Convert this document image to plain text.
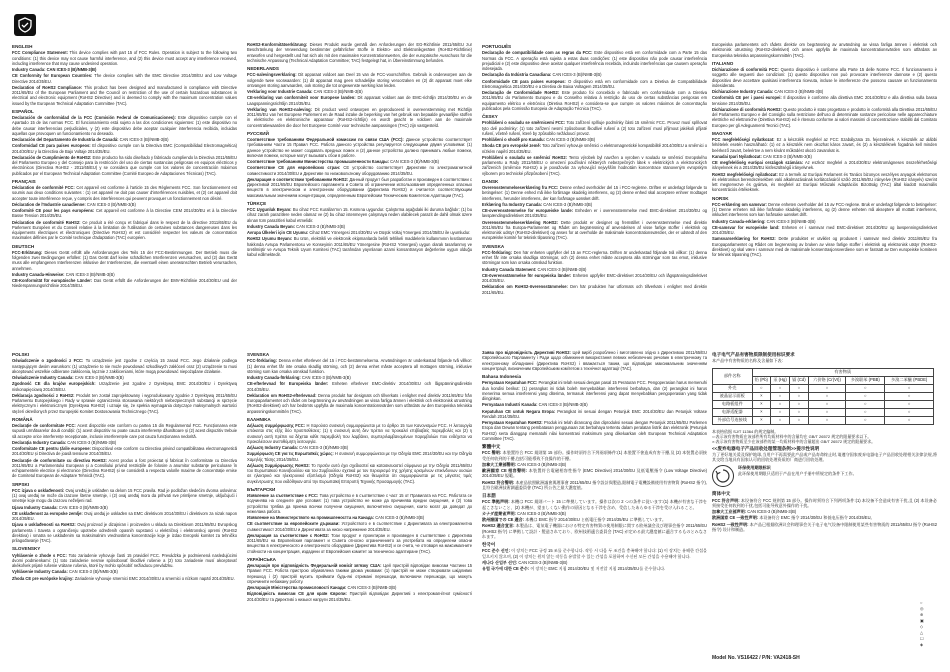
ENGLISH
FCC Compliance Statement: This device complies with part 15 of FCC Rules. Operation is subject to the following two conditions: (1) this device may not cause harmful interference, and (2) this device must accept any interference received, including interference that may cause undesired operation.
Industry Canada: CAN ICES-3 (B)/NMB-3(B)
CE Conformity for European Countries: The device complies with the EMC Directive 2014/30/EU and Low Voltage Directive 2014/35/EU.
Declaration of RoHS2 Compliance: This product has been designed and manufactured in compliance with Directive 2011/65/EU of the European Parliament and the Council on restriction of the use of certain hazardous substances in electrical and electronic equipment (RoHS2 Directive) and is deemed to comply with the maximum concentration values issued by the European Technical Adaptation Committee (TAC).
ESPAÑOL
Declaración de conformidad de la FCC (Comisión Federal de Comunicaciones): Este dispositivo cumple con el Apartado 15 de las normas FCC. El funcionamiento está sujeto a las dos condiciones siguientes: (1) este dispositivo no debe causar interferencias perjudiciales, y (2) este dispositivo debe aceptar cualquier interferencia recibida, incluidas aquellas que provoquen un funcionamiento no deseado.
Declaración del Departamento de Industria de Canadá: CAN ICES-3 (B)/NMB-3(B)
Conformidad CE para países europeos: El dispositivo cumple con la Directiva EMC (Compatibilidad Electromagnética) 2014/30/EU y la Directiva de Bajo Voltaje 2014/35/EU.
Declaración de Cumplimiento de RoHS2: Este producto ha sido diseñado y fabricado cumpliendo la Directiva 2011/65/EU del Parlamento Europeo y del Consejo para la restricción del uso de ciertas sustancias peligrosas en equipos eléctricos y electrónicos (Directiva RoHS2 - 2011/65/EU) y se considera que cumple con los valores de concentración máximos publicados por el European Technical Adaptation Committee (Comité Europeo de Adaptaciones Técnicas) (TAC).
FRANÇAIS
Déclaration de conformité FCC: Cet appareil est conforme à l'article 15 des Règlements FCC. Son fonctionnement est soumis aux deux conditions suivantes : (1) cet appareil ne doit pas causer d'interférences nuisibles, et (2) cet appareil doit accepter toute interférence reçue, y compris des interférences qui peuvent provoquer un fonctionnement non désiré.
Déclaration de l'Industrie canadienne: CAN ICES-3 (B)/NMB-3(B)
Conformité CE pour les pays européens: Cet appareil est conforme à la Directive CEM 2014/30/EU et à la Directive Basse Tension 2014/35/EU.
Déclaration de conformité RoHS2: Ce produit a été conçu et fabriqué dans le respect de la directive 2011/65/EU du Parlement Européen et du Conseil relative à la limitation de l'utilisation de certaines substances dangereuses dans les équipements électriques et électroniques (Directive RoHS2) et est considéré respecter les valeurs de concentration maximales définies par le Comité technique d'adaptation (TAC) européen.
DEUTSCH
FCC-Erklärung: Dieses Gerät erfüllt alle Anforderungen des Teils 15 der FCC-Bestimmungen. Der Betrieb muss die folgenden zwei Bedingungen erfüllen: (1) Das Gerät darf keine schädlichen Interferenzen verursachen, und (2) das Gerät muss alle empfangenen Interferenzen inklusive der Interferenzen, die eventuell einen unerwünschten Betrieb verursachen, annehmen.
Industry Canada-Hinweise: CAN ICES-3 (B)/NMB-3(B)
CE-Konformität für europäische Länder: Das Gerät erfüllt die Anforderungen der EMV-Richtlinie 2014/30/EU und der Niederspannungsrichtlinie 2014/35/EU.
RoHS2-Konformitätserklärung: Dieses Produkt wurde gemäß den Anforderungen der EG-Richtlinie 2011/65/EU zur Beschränkung der Verwendung bestimmter gefährlicher Stoffe in Elektro- und Elektronikgeräten (RoHS2-Richtlinie) entworfen und hergestellt und hat sich als mit den maximalen Konzentrationswerten, die der europäische Ausschuss für die technische Anpassung (Technical Adaptation Committee; TAC) festgelegt hat, in Übereinstimmung befunden.
NEDERLANDS
FCC-nalevingsverklaring: Dit apparaat voldoet aan Deel 15 van de FCC-voorschriften. Gebruik is onderworpen aan de volgende twee voorwaarden: (1) dit apparaat mag geen schadelijke storing veroorzaken en (2) dit apparaat moet elke ontvangen storing aanvaarden, ook storing die tot ongewenste werking kan leiden.
Verklaring voor Industrie Canada: CAN ICES-3 (B)/NMB-3(B)
CE-verklaring van conformiteit voor Europese landen: Dit apparaat voldoet aan de EMC-richtlijn 2014/30/EU en de Laagspanningsrichtlijn 2014/35/EU.
Verklaring van RoHS2-naleving: Dit product werd ontworpen en geproduceerd in overeenstemming met Richtlijn 2011/65/EU van het Europese Parlement en de Raad inzake de beperking van het gebruik van bepaalde gevaarlijke stoffen in elektrische en elektronische apparatuur (RoHS2-richtlijn) en wordt geacht te voldoen aan de maximale concentratiewaarden die door het Europese Comité voor technische aanpassingen (TAC) zijn vastgesteld.
РУССКИЙ
Соответствие требованиям Федеральной комиссии по связи США (FCC): Данное устройство соответствует требованиям Части 15 Правил FCC. Работа данного устройства регулируется следующими двумя условиями: (1) данное устройство не может создавать вредных помех и (2) данное устройство должно принимать любые помехи, включая помехи, которые могут вызывать сбои в работе.
Соответствие требованиям Министерства промышленности Канады: CAN ICES-3 (B)/NMB-3(B)
Соответствие CE для европейских стран: CE устройство соответствует Директиве по электромагнитной совместимости 2014/30/EU и Директиве по низковольтному оборудованию 2014/35/EU.
Декларация о соответствии требованиям RoHS2: Данный продукт был разработан и произведен в соответствии с Директивой 2011/65/EU Европейского парламента и Совета об ограничении использования определенных опасных веществ в электрическом и электронном оборудовании (Директива RoHS2) и считается соответствующим максимальным значениям концентрации, определенным Европейским Техническим Комитетом Адаптации (ТАС).
TÜRKÇE
FCC Uygunluk Beyanı: Bu cihaz FCC Kuralları'nın 15. Kısmına uygundur. Çalıştırma aşağıdaki iki duruma bağlıdır: (1) bu cihaz zararlı parazitlere neden olamaz ve (2) bu cihaz istenmeyen çalışmaya neden olabilecek parazit de dahil olmak üzere alınan tüm parazitleri kabul etmelidir.
Industry Canada Beyanı: CAN ICES-3 (B)/NMB-3(B)
Avrupa Ülkeleri için CE Uyumu: Cihaz EMC Yönergesi 2014/30/EU ve Düşük Voltaj Yönergesi 2014/35/EU ile uyumludur.
RoHS2 Uyumu Beyanı: Bu ürün, elektrikli ve elektronik ekipmanlarda belirli tehlikeli maddelerin kullanımının kısıtlanması hakkında Avrupa Parlamentosu ve Konseyinin 2011/65/EU Yönergesine (RoHS2 Yönergesi) uygun olarak tasarlanmış ve üretilmiştir ve Avrupa Teknik Uyum Komitesi (TAC) tarafından yayınlanan azami konsantrasyon değerlerine uygun olduğu kabul edilmektedir.
PORTUGUÊS
Declaração de compatibilidade com as regras da FCC: Este dispositivo está em conformidade com a Parte 15 das Normas da FCC. A operação está sujeita a estas duas condições: (1) este dispositivo não pode causar interferência prejudicial e (2) este dispositivo deve aceitar qualquer interferência recebida, incluindo interferências que causem operação indesejada.
Declaração da Indústria Canadiana: CAN ICES-3 (B)/NMB-3(B)
Conformidade CE para países europeus: O dispositivo está em conformidade com a Diretiva de Compatibilidade Eletromagnética 2014/30/EU e a Diretiva de Baixa Voltagem 2014/35/EU.
Declaração de Conformidade RoHS2: Este produto foi concebido e fabricado em conformidade com a Diretiva 2011/65/EU do Parlamento Europeu e do Conselho relativa à restrição do uso de certas substâncias perigosas em equipamento elétrico e eletrónico (Diretiva RoHS2) e considera-se que cumpre os valores máximos de concentração publicados pela Comissão Europeia de Adaptação Técnica (TAC).
ČESKY
Prohlášení o souladu se směrnicemi FCC: Toto zařízení splňuje podmínky části 15 směrnic FCC. Provoz musí splňovat tyto dvě podmínky: (1) toto zařízení nesmí způsobovat škodlivé rušení a (2) toto zařízení musí přijmout jakékoli přijaté rušení, včetně rušení, které by způsobilo nežádoucí provoz.
Prohlášení o shodě pro Kanadu: CAN ICES-3 (B)/NMB-3(B)
Shoda CE pro evropské země: Toto zařízení vyhovuje směrnici o elektromagnetické kompatibilitě 2014/30/EU a směrnici o nízkém napětí 2014/35/EU.
Prohlášení o souladu se směrnicí RoHS2: Tento výrobek byl navržen a vyroben v souladu se směrnicí Evropského parlamentu a Rady 2011/65/EU o omezení používání některých nebezpečných látek v elektrických a elektronických zařízeních (směrnice RoHS2) a je považován za vyhovující nejvyšším hodnotám koncentrace stanoveným evropským výborem pro technické přizpůsobení (TAC).
DANSK
Overensstemmelseserklæring fra FCC: Denne enhed overholder del 15 i FCC-reglerne. Driften er underlagt følgende to betingelser: (1) Denne enhed må ikke forårsage skadelig interferens, og (2) denne enhed skal acceptere enhver modtaget interferens, herunder interferens, der kan forårsage uønsket drift.
Erklæring fra Industry Canada: CAN ICES-3 (B)/NMB-3(B)
CE-overensstemmelse for europæiske lande: Enheden er i overensstemmelse med EMC-direktivet 2014/30/EU og lavspændingsdirektivet 2014/35/EU.
Overensstemmelseserklæring RoHS2: Dette produkt er designet og fremstillet i overensstemmelse med direktiv 2011/65/EU fra Europa-Parlamentet og Rådet om begrænsning af anvendelsen af visse farlige stoffer i elektrisk og elektronisk udstyr (RoHS2-direktivet) og anses for at overholde de maksimale koncentrationsværdier, der er udstedt af den europæiske komité for teknisk tilpasning (TAC).
SVENSKA
FCC-förklaring: Den här enheten uppfyller del 15 av FCC-reglerna. Driften är underkastad följande två villkor: (1) denna enhet får inte orsaka skadliga störningar, och (2) denna enhet måste acceptera alla störningar som tas emot, inklusive störningar som kan orsaka oönskad funktion.
Industry Canada Statement: CAN ICES-3 (B)/NMB-3(B)
CE-överensstämmelse för europeiska länder: Enheten uppfyller EMC-direktivet 2014/30/EU och lågspänningsdirektivet 2014/35/EU.
Deklaration om RoHS2-överensstämmelse: Den här produkten har utformats och tillverkats i enlighet med direktiv 2011/65/EU.
Europeiska parlamentets och rådets direktiv om begränsning av användning av vissa farliga ämnen i elektrisk och elektronisk utrustning (RoHS2-direktivet) och anses uppfylla de maximala koncentrationsvärden som utfärdats av Europeiska tekniska anpassningskommittén (TAC).
ITALIANO
Dichiarazione di conformità FCC: Questo dispositivo è conforme alla Parte 15 delle Norme FCC. Il funzionamento è soggetto alle seguenti due condizioni: (1) questo dispositivo non può provocare interferenze dannose e (2) questo dispositivo deve accettare qualsiasi interferenza ricevuta, incluse le interferenze che possono causare un funzionamento indesiderato.
Dichiarazione Industry Canada: CAN ICES-3 (B)/NMB-3(B)
Conformità CE per i paesi europei: Il dispositivo è conforme alla direttiva EMC 2014/30/EU e alla direttiva sulla bassa tensione 2014/35/EU.
Dichiarazione di conformità RoHS2: Questo prodotto è stato progettato e prodotto in conformità alla Direttiva 2011/65/EU del Parlamento Europeo e del Consiglio sulla restrizione dell'uso di determinate sostanze pericolose nelle apparecchiature elettriche ed elettroniche (Direttiva RoHS2) ed è ritenuto conforme ai valori massimi di concentrazione stabiliti dal Comitato Europeo per gli Adeguamenti Tecnici (TAC).
MAGYAR
FCC megfelelőségi nyilatkozat: Ez a készülék megfelel az FCC Szabályzata 15. fejezetének. A készülék az alábbi feltételek esetén használható: (1) ez a készülék nem okozhat káros zavart, és (2) a készüléknek fogadnia kell minden beérkező zavart, beleértve a nem kívánt működést okozó zavarokat is.
Kanadai Ipari Nyilatkozat: CAN ICES-3 (B)/NMB-3(B)
CE megfelelőség európai országok számára: Az eszköz megfelel a 2014/30/EU elektromágneses összeférhetőségi irányelvnek és a 2014/35/EU kisfeszültségű irányelvnek.
RoHS2 megfelelőségi nyilatkozat: Ez a termék az Európai Parlament és Tanács bizonyos veszélyes anyagok elektromos és elektronikus berendezésekben való alkalmazásának korlátozásáról szóló 2011/65/EU irányelve (RoHS2 irányelv) szerint lett megtervezve és gyártva, és megfelel az Európai Műszaki Adaptációs Bizottság (TAC) által kiadott maximális koncentrációs értékeknek.
NORSK
FCC-erklæring om samsvar: Denne enheten overholder del 15 av FCC-reglene. Bruk er underlagt følgende to betingelser: (1) Denne enheten må ikke forårsake skadelig interferens, og (2) denne enheten må akseptere all mottatt interferens, inkludert interferens som kan forårsake uønsket drift.
Industry Canada-erklæring: CAN ICES-3 (B)/NMB-3(B)
CE-samsvar for europeiske land: Enheten er i samsvar med EMC-direktivet 2014/30/EU og lavspenningsdirektivet 2014/35/EU.
Samsvarserklæring for RoHS2: Dette produktet er utviklet og produsert i samsvar med direktiv 2011/65/EU fra Europaparlamentet og Rådet om begrensning av bruken av visse farlige stoffer i elektrisk og elektronisk utstyr (RoHS2-direktivet) og skal være i samsvar med de maksimale konsentrasjonsverdiene som er fastsatt av Den europeiske komiteen for teknisk tilpasning (TAC).
POLSKI
Oświadczenie o zgodności z FCC: To urządzenie jest zgodne z częścią 15 zasad FCC. Jego działanie podlega następującym dwóm warunkom: (1) urządzenie to nie może powodować szkodliwych zakłóceń oraz (2) urządzenie to musi akceptować wszelkie odbierane zakłócenia, łącznie z zakłóceniami, które mogą powodować niepożądane działanie.
Oświadczenie Industry Canada: CAN ICES-3 (B)/NMB-3(B)
Zgodność CE dla krajów europejskich: Urządzenie jest zgodne z Dyrektywą EMC 2014/30/EU i Dyrektywą niskonapięciową 2014/35/EU.
Deklaracja zgodności z RoHS2: Produkt ten został zaprojektowany i wyprodukowany zgodnie z Dyrektywą 2011/65/EU Parlamentu Europejskiego i Rady w sprawie ograniczenia stosowania niektórych niebezpiecznych substancji w sprzęcie elektrycznym i elektronicznym (Dyrektywa RoHS2) i uznaje się, że spełnia wymagania dotyczące maksymalnych wartości stężeń określonych przez Europejski Komitet Dostosowania Technicznego (TAC).
ROMÂNĂ
Declarație de conformitate FCC: Acest dispozitiv este conform cu partea 15 din Regulamentul FCC. Funcționarea este supusă următoarelor două condiții: (1) acest dispozitiv nu poate cauza interferențe dăunătoare și (2) acest dispozitiv trebuie să accepte orice interferențe recepționate, inclusiv interferențele care pot cauza funcționarea nedorită.
Declarația Industry Canada: CAN ICES-3 (B)/NMB-3(B)
Conformitate CE pentru țările europene: Dispozitivul este conform cu Directiva privind compatibilitatea electromagnetică 2014/30/EU și Directiva de joasă tensiune 2014/35/EU.
Declarație de conformitate cu directiva RoHS2: Acest produs a fost proiectat și fabricat în conformitate cu Directiva 2011/65/EU a Parlamentului European și a Consiliului privind restricțiile de folosire a anumitor substanțe periculoase în echipamentele electrice și electronice (Directiva RoHS2) și se consideră a respecta valorile maxime de concentrație emise de Comitetul European de Adaptare Tehnică (TAC).
SRPSKI
FCC izjava o usklađenosti: Ovaj uređaj je usklađen sa delom 15 FCC pravila. Rad je podložan sledećim dvoma uslovima: (1) ovaj uređaj ne može da izazove štetne smetnje, i (2) ovaj uređaj mora da prihvati sve primljene smetnje, uključujući i smetnje koje mogu da izazovu neželjeni rad.
Izjava Industry Canada: CAN ICES-3 (B)/NMB-3(B)
CE usklađenost za evropske zemlje: Ovaj uređaj je usklađen sa EMC direktivom 2014/30/EU i direktivom za nizak napon 2014/35/EU.
Izjava o usklađenosti sa RoHS2: Ovaj proizvod je dizajniran i proizveden u skladu sa Direktivom 2011/65/EU Evropskog parlamenta i Saveta o ograničenju upotrebe određenih opasnih supstanci u električnoj i elektronskoj opremi (RoHS2 direktiva) i smatra se usklađenim sa maksimalnim vrednostima koncentracije koje je izdao Evropski komitet za tehničko prilagođavanje (TAC).
SLOVENSKY
Vyhlásenie o zhode s FCC: Toto zariadenie vyhovuje časti 15 pravidiel FCC. Prevádzka je podmienená nasledujúcimi dvomi podmienkami: (1) toto zariadenie nesmie spôsobovať škodlivé rušenie a (2) toto zariadenie musí akceptovať akékoľvek prijaté rušenie vrátane rušenia, ktoré by mohlo spôsobiť nežiaducu prevádzku.
Vyhlásenie Industry Canada: CAN ICES-3 (B)/NMB-3(B)
Zhoda CE pre európske krajiny: Zariadenie vyhovuje smernici EMC 2014/30/EU a smernici o nízkom napätí 2014/35/EU.
SVENSKA
FCC-förklaring: Denna enhet efterlever del 15 i FCC-bestämmelserna. Användningen är underkastad följande två villkor: (1) denna enhet får inte orsaka skadlig störning, och (2) denna enhet måste acceptera all mottagen störning, inklusive störning som kan orsaka oönskad funktion.
Industry Canada-förklaring: CAN ICES-3 (B)/NMB-3(B)
CE-efterlevnad för Europeiska länder: Enheten efterlever EMC-direktiv 2014/30/EU och lågspänningsdirektiv 2014/35/EU.
Deklaration om RoHS2-efterlevnad: Denna produkt har designats och tillverkats i enlighet med direktiv 2011/65/EU från Europaparlamentet och rådet om begränsning av användningen av vissa farliga ämnen i elektrisk och elektronisk utrustning (RoHS2-direktivet) och har bedömts uppfylla de maximala koncentrationsvärden som utfärdats av den Europeiska tekniska anpassningskommittén (TAC).
ΕΛΛΗΝΙΚΑ
Δήλωση συμμόρφωσης FCC: Η παρούσα συσκευή συμμορφώνεται με το άρθρο 15 των Κανονισμών FCC. Η λειτουργία υπόκειται στις εξής δύο προϋποθέσεις: (1) η συσκευή αυτή δεν πρέπει να προκαλεί επιβλαβείς παρεμβολές και (2) η συσκευή αυτή πρέπει να δέχεται κάθε παρεμβολή που λαμβάνει, συμπεριλαμβανομένων παρεμβολών που ενδέχεται να προκαλέσουν ανεπιθύμητη λειτουργία.
Δήλωση Industry Canada: CAN ICES-3 (B)/NMB-3(B)
Συμμόρφωση CE για τις Ευρωπαϊκές χώρες: Η συσκευή συμμορφώνεται με την Οδηγία EMC 2014/30/EU και την Οδηγία Χαμηλής Τάσης 2014/35/EU.
Δήλωση Συμμόρφωσης RoHS2: Το προϊόν αυτό έχει σχεδιαστεί και κατασκευαστεί σύμφωνα με την Οδηγία 2011/65/EU του Ευρωπαϊκού Κοινοβουλίου και του Συμβουλίου σχετικά με τον περιορισμό της χρήσης ορισμένων επικίνδυνων ουσιών σε ηλεκτρικό και ηλεκτρονικό εξοπλισμό (Οδηγία RoHS2) και θεωρείται ότι συμμορφώνεται με τις μέγιστες τιμές συγκέντρωσης που εκδόθηκαν από την Ευρωπαϊκή Επιτροπή Τεχνικής Προσαρμογής (TAC).
БЪЛГАРСКИ
Изявление за съответствие с FCC: Това устройство е в съответствие с част 15 от Правилата на FCC. Работата се подчинява на следните две условия: (1) това устройство не може да причинява вредни смущения, и (2) това устройство трябва да приема всички получени смущения, включително смущения, които могат да доведат до нежелана работа.
Изявление на Министерството на промишлеността на Канада: CAN ICES-3 (B)/NMB-3(B)
CE съответствие за европейските държави: Устройството е в съответствие с Директивата за електромагнитна съвместимост 2014/30/EU и Директивата за ниско напрежение 2014/35/EU.
Декларация за съответствие с RoHS2: Този продукт е проектиран и произведен в съответствие с Директива 2011/65/EU на Европейския парламент и Съвета относно ограничението за употребата на определени опасни вещества в електрическото и електронното оборудване (Директива RoHS2) и се счита, че отговаря на максималните стойности на концентрация, издадени от Европейския комитет за техническо адаптиране (TAC).
УКРАЇНСЬКА
Декларація про відповідність Федеральній комісії зв'язку США: Цей пристрій відповідає вимогам Частини 15 Правил FCC. Робота пристрою обумовлена такими двома умовами: (1) пристрій не може створювати шкідливих перешкод і (2) пристрій мусить приймати будь-які отримані перешкоди, включаючи перешкоди, що можуть спричинити небажану роботу.
Декларація Міністерства промисловості Канади: CAN ICES-3 (B)/NMB-3(B)
Відповідність вимогам СЕ для країн Європи: Пристрій відповідає Директиві з електромагнітної сумісності 2014/30/EU та Директиві з низької напруги 2014/35/EU.
Заява про відповідність Директиві RoHS2: Цей виріб розроблено і виготовлено згідно з Директивою 2011/65/EU Європейського Парламенту і Ради щодо обмеження використання певних небезпечних речовин в електричному та електронному обладнанні (Директива RoHS2) і вважається таким, що відповідає максимальним значенням концентрації, визначеним Європейським комітетом з технічної адаптації (TAC).
Bahasa Indonesia
Pernyataan Kepatuhan FCC: Perangkat ini telah sesuai dengan pasal 15 Peraturan FCC. Pengoperasian harus memenuhi dua kondisi berikut: (1) perangkat ini tidak boleh menyebabkan interferensi berbahaya, dan (2) perangkat ini harus menerima semua interferensi yang diterima, termasuk interferensi yang dapat menyebabkan pengoperasian yang tidak diinginkan.
Pernyataan Industri Kanada: CAN ICES-3 (B)/NMB-3(B)
Kepatuhan CE untuk Negara Eropa: Perangkat ini sesuai dengan Petunjuk EMC 2014/30/EU dan Petunjuk Voltase Rendah 2014/35/EU.
Pernyataan Kepatuhan RoHS2: Produk ini telah dirancang dan diproduksi sesuai dengan Petunjuk 2011/65/EU Parlemen Eropa dan Dewan tentang pembatasan penggunaan zat berbahaya tertentu dalam peralatan listrik dan elektronik (Petunjuk RoHS2) serta dianggap mematuhi nilai konsentrasi maksimum yang dikeluarkan oleh European Technical Adaptation Committee (TAC).
繁體中文
FCC 聲明: 本裝置符合 FCC 規則第 15 部份。操作時須符合下列兩項條件:(1) 本裝置不會造成有害干擾,及 (2) 本裝置必須接受任何收到的干擾,包括可能導致不良操作的干擾。
加拿大工業部聲明: CAN ICES-3 (B)/NMB-3(B)
歐洲國家 CE 相容聲明: 本裝置符合電磁相容性指令 (EMC Directive) 2014/30/EU 及低電壓指令 (Low Voltage Directive) 2014/35/EU 規範。
RoHS2 符合聲明: 本產品依照歐洲議會與理事會 2011/65/EU 指令設計與製造,限制電子電機設備使用有害物質 (RoHS2 指令),且符合歐洲技術調適委員會 (TAC) 所公告之最大濃度值。
日本語
FCC 準拠声明: 本機は FCC 規則パート 15 に準拠しています。操作は次の 2 つの条件に従います:(1) 本機が有害な干渉を起こさないこと、(2) 本機が、望ましくない動作の原因となる干渉を含め、受信したあらゆる干渉を受け入れること。
カナダ産業省声明: CAN ICES-3 (B)/NMB-3(B)
欧州諸国での CE 適合: 本機は EMC 指令 2014/30/EU と低電圧指令 2014/35/EU に準拠しています。
RoHS2 適合宣言: 本製品は、電気電子機器における特定有害物質の使用制限に関する欧州議会及び理事会指令 2011/65/EU (RoHS2 指令) に準拠して設計・製造されており、欧州技術適合委員会 (TAC) が定める最大濃度値に適合するものとみなされます。
한국어
FCC 준수 선언: 이 장치는 FCC 규정 15 조를 준수합니다. 작동 시 다음 두 조건을 충족해야 합니다: (1) 이 장치는 유해한 간섭을 일으키지 않으며, (2) 이 장치는 원치 않는 작동을 유발할 수 있는 간섭을 포함하여 수신된 모든 간섭을 수용해야 합니다.
캐나다 산업부 선언: CAN ICES-3 (B)/NMB-3(B)
유럽 국가에 대한 CE 준수: 이 장치는 EMC 지침 2014/30/EU 및 저전압 지침 2014/35/EU를 준수합니다.
电子电气产品有害物质限制使用标识要求
本产品中有害物质的名称及含量如下表:
部件名称	有害物质					
	铅 (Pb)	汞 (Hg)	镉 (Cd)	六价铬 (Cr(VI))	多溴联苯 (PBB)	多溴二苯醚 (PBDE)
外壳	○	○	○	○	○	○
液晶显示面板	×	○	○	○	○	○
电路板组件	×	○	○	○	○	○
电源适配器	×	○	○	○	○	○
外部信号连接线	×	○	○	○	○	○
本表格依据 SJ/T 11364 的规定编制。
○:表示该有害物质在该部件所有均质材料中的含量均在 GB/T 26572 规定的限量要求以下。
×:表示该有害物质至少在该部件的某一均质材料中的含量超出 GB/T 26572 规定的限量要求。
<<废弃电器电子产品回收处理管理条例>>提示性说明
为了更好地关爱及保护地球,当用户不再需要此产品或产品寿命终止时,请遵守国家废弃电器电子产品回收处理相关法律法规,将其交给当地具有国家认可的回收处理资质的厂商进行回收处理。
环保使用期限标识
此环保使用期限只适用于产品在用户手册中所规定的条件下工作。
简体中文
FCC 符合声明: 本设备符合 FCC 规则第 15 部分。操作时须符合下列两项条件:(1) 本设备不会造成有害干扰,且 (2) 本设备必须接受任何收到的干扰,包括可能导致意外操作的干扰。
加拿大工业部声明: CAN ICES-3 (B)/NMB-3(B)
欧洲国家 CE 一致性声明: 本设备符合 EMC 指令 2014/30/EU 和低电压指令 2014/35/EU。
RoHS2 一致性声明: 本产品已根据欧洲议会和理事会关于电子电气设备中限制使用某些有害物质的 2011/65/EU 指令 (RoHS2 指令) 设计和制造。
Model No. VS16422 / P/N: VA2418-SH
○
◎
⊕
▣
◇
△
☐
◈
